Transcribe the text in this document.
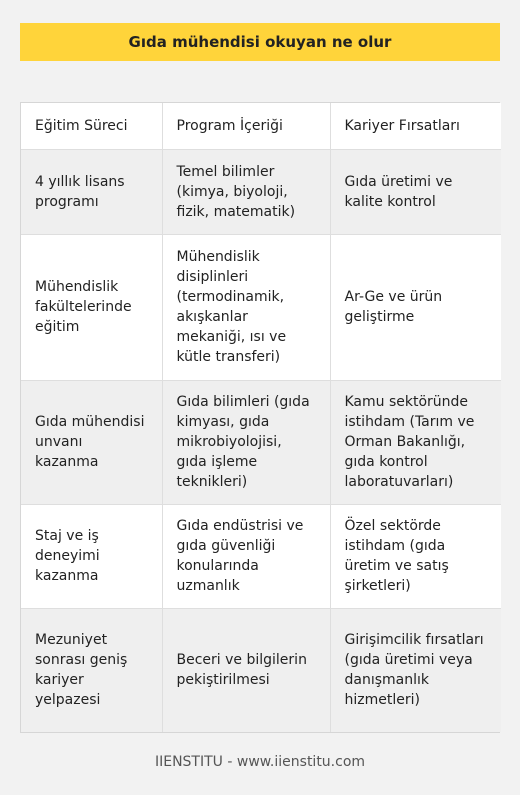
Gıda mühendisi okuyan ne olur
Eğitim Süreci	Program İçeriği	Kariyer Fırsatları
4 yıllık lisans programı	Temel bilimler (kimya, biyoloji, fizik, matematik)	Gıda üretimi ve kalite kontrol
Mühendislik fakültelerinde eğitim	Mühendislik disiplinleri (termodinamik, akışkanlar mekaniği, ısı ve kütle transferi)	Ar-Ge ve ürün geliştirme
Gıda mühendisi unvanı kazanma	Gıda bilimleri (gıda kimyası, gıda mikrobiyolojisi, gıda işleme teknikleri)	Kamu sektöründe istihdam (Tarım ve Orman Bakanlığı, gıda kontrol laboratuvarları)
Staj ve iş deneyimi kazanma	Gıda endüstrisi ve gıda güvenliği konularında uzmanlık	Özel sektörde istihdam (gıda üretim ve satış şirketleri)
Mezuniyet sonrası geniş kariyer yelpazesi	Beceri ve bilgilerin pekiştirilmesi	Girişimcilik fırsatları (gıda üretimi veya danışmanlık hizmetleri)
IIENSTITU - www.iienstitu.com
